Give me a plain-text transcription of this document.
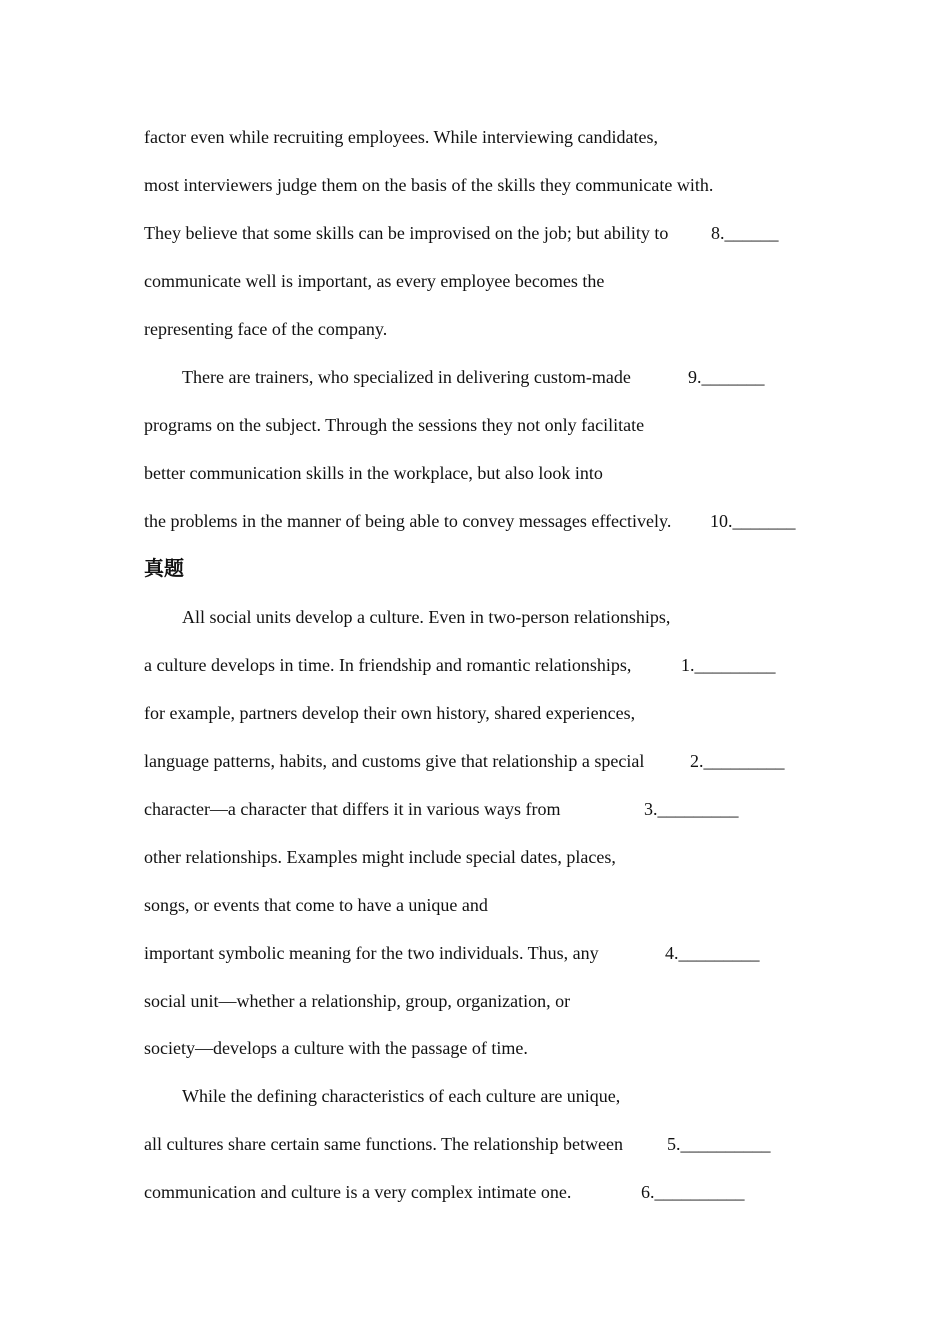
factor even while recruiting employees. While interviewing candidates,
most interviewers judge them on the basis of the skills they communicate with.
They believe that some skills can be improvised on the job; but ability to 8.______
communicate well is important, as every employee becomes the
representing face of the company.
There are trainers, who specialized in delivering custom-made	9._______
programs on the subject. Through the sessions they not only facilitate
better communication skills in the workplace, but also look into
the problems in the manner of being able to convey messages effectively. 10._______
真题
All social units develop a culture. Even in two-person relationships,
a culture develops in time. In friendship and romantic relationships,	1._________
for example, partners develop their own history, shared experiences,
language patterns, habits, and customs give that relationship a special	2._________
character—a character that differs it in various ways from	3._________
other relationships. Examples might include special dates, places,
songs, or events that come to have a unique and
important symbolic meaning for the two individuals. Thus, any	4._________
social unit—whether a relationship, group, organization, or
society—develops a culture with the passage of time.
While the defining characteristics of each culture are unique,
all cultures share certain same functions. The relationship between 5.__________
communication and culture is a very complex intimate one.	6.__________
